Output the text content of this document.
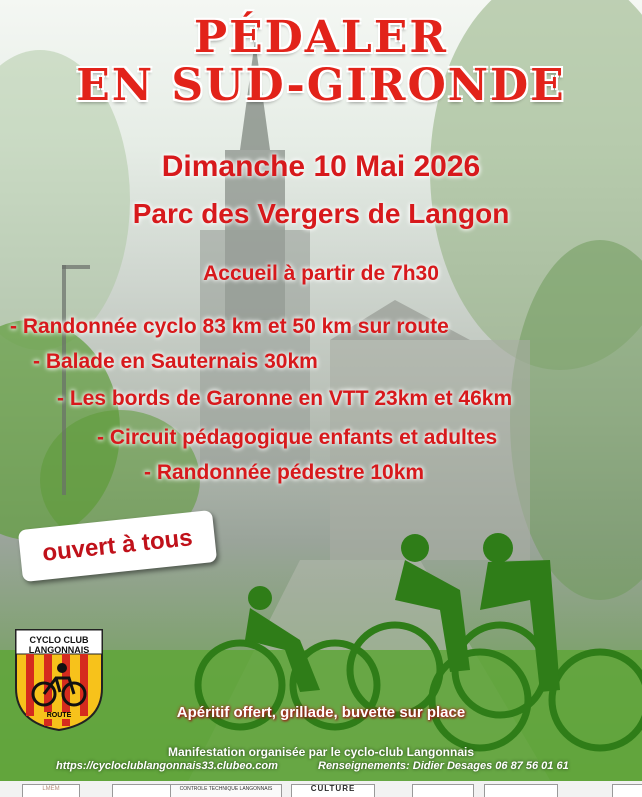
PÉDALER
EN SUD-GIRONDE
Dimanche 10 Mai 2026
Parc des Vergers de Langon
Accueil à partir de 7h30
- Randonnée cyclo 83 km et 50 km sur route
- Balade en Sauternais 30km
- Les bords de Garonne en VTT 23km et 46km
- Circuit pédagogique enfants et adultes
- Randonnée pédestre 10km
ouvert à tous
CYCLO CLUB
LANGONNAIS
ROUTE	Apéritif offert, grillade, buvette sur place
Manifestation organisée par le cyclo-club Langonnais
https://cycloclublangonnais33.clubeo.com	Renseignements: Didier Desages 06 87 56 01 61
LMEM	CONTROLE TECHNIQUE LANGONNAIS	CULTURE
